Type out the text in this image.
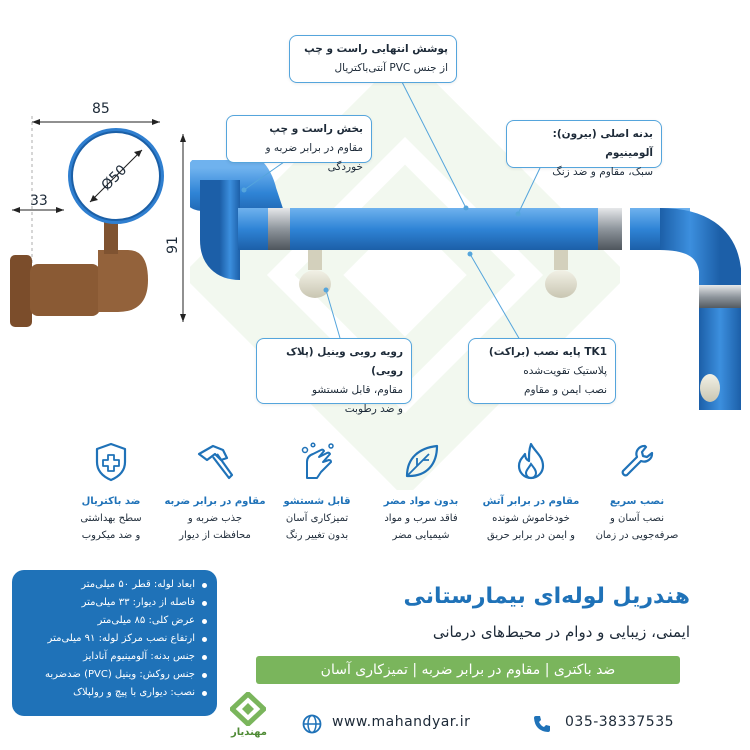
85
33
Ø50
91
پوشش انتهایی راست و چپ
از جنس PVC آنتی‌باکتریال
بخش راست و چپ
مقاوم در برابر ضربه و خوردگی
بدنه اصلی (بیرون): آلومینیوم
سبک، مقاوم و ضد زنگ
رویه رویی وینیل (پلاک رویی)
مقاوم، قابل شستشو
و ضد رطوبت
TK1 پایه نصب (براکت)
پلاستیک تقویت‌شده
نصب ایمن و مقاوم
نصب سریع
نصب آسان و
صرفه‌جویی در زمان
مقاوم در برابر آتش
خودخاموش شونده
و ایمن در برابر حریق
بدون مواد مضر
فاقد سرب و مواد
شیمیایی مضر
قابل شستشو
تمیزکاری آسان
بدون تغییر رنگ
مقاوم در برابر ضربه
جذب ضربه و
محافظت از دیوار
ضد باکتریال
سطح بهداشتی
و ضد میکروب
ابعاد لوله: قطر ۵۰ میلی‌متر
فاصله از دیوار: ۳۳ میلی‌متر
عرض کلی: ۸۵ میلی‌متر
ارتفاع نصب مرکز لوله: ۹۱ میلی‌متر
جنس بدنه: آلومینیوم آنادایز
جنس روکش: وینیل (PVC) ضدضربه
نصب: دیواری با پیچ و رولپلاک
هندریل لوله‌ای بیمارستانی
ایمنی، زیبایی و دوام در محیط‌های درمانی
ضد باکتری | مقاوم در برابر ضربه | تمیزکاری آسان
مهندیار
www.mahandyar.ir	035-38337535
